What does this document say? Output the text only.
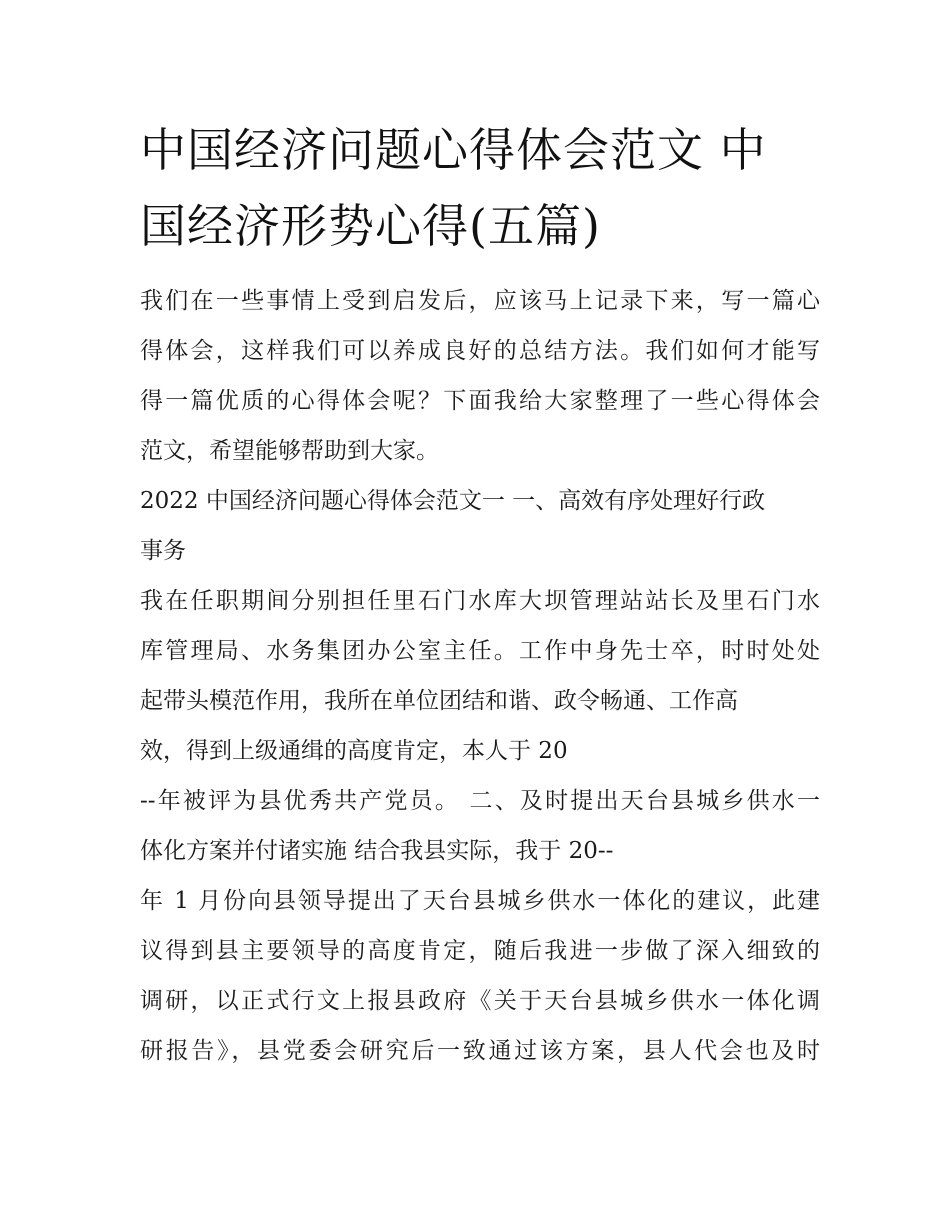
中国经济问题心得体会范文 中
国经济形势心得(五篇)
我们在一些事情上受到启发后，应该马上记录下来，写一篇心
得体会，这样我们可以养成良好的总结方法。我们如何才能写
得一篇优质的心得体会呢？下面我给大家整理了一些心得体会
范文，希望能够帮助到大家。
2022 中国经济问题心得体会范文一 一、高效有序处理好行政
事务
我在任职期间分别担任里石门水库大坝管理站站长及里石门水
库管理局、水务集团办公室主任。工作中身先士卒，时时处处
起带头模范作用，我所在单位团结和谐、政令畅通、工作高
效，得到上级通缉的高度肯定，本人于 20
--年被评为县优秀共产党员。 二、及时提出天台县城乡供水一
体化方案并付诸实施 结合我县实际，我于 20--
年 1 月份向县领导提出了天台县城乡供水一体化的建议，此建
议得到县主要领导的高度肯定，随后我进一步做了深入细致的
调研，以正式行文上报县政府《关于天台县城乡供水一体化调
研报告》，县党委会研究后一致通过该方案，县人代会也及时
